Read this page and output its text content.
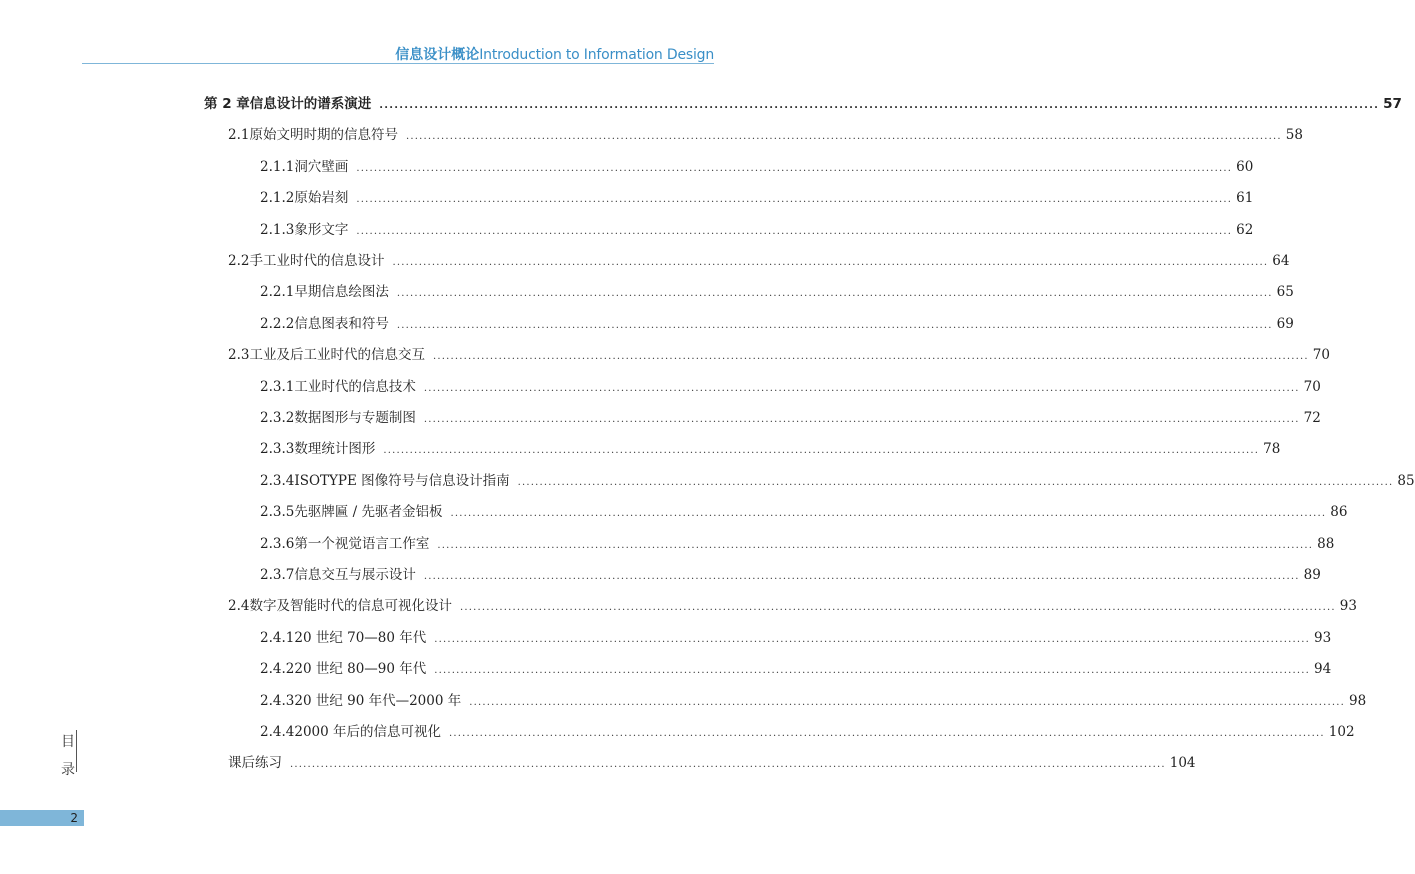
信息设计概论Introduction to Information Design
第 2 章 信息设计的谱系演进 ........................................................................................................................................................................................................ 57
2.1 原始文明时期的信息符号 ........................................................................................................................................................................................................ 58
2.1.1 洞穴壁画 ........................................................................................................................................................................................................ 60
2.1.2 原始岩刻 ........................................................................................................................................................................................................ 61
2.1.3 象形文字 ........................................................................................................................................................................................................ 62
2.2 手工业时代的信息设计 ........................................................................................................................................................................................................ 64
2.2.1 早期信息绘图法 ........................................................................................................................................................................................................ 65
2.2.2 信息图表和符号 ........................................................................................................................................................................................................ 69
2.3 工业及后工业时代的信息交互 ........................................................................................................................................................................................................ 70
2.3.1 工业时代的信息技术 ........................................................................................................................................................................................................ 70
2.3.2 数据图形与专题制图 ........................................................................................................................................................................................................ 72
2.3.3 数理统计图形 ........................................................................................................................................................................................................ 78
2.3.4 ISOTYPE 图像符号与信息设计指南 ........................................................................................................................................................................................................ 85
2.3.5 先驱牌匾 / 先驱者金铝板 ........................................................................................................................................................................................................ 86
2.3.6 第一个视觉语言工作室 ........................................................................................................................................................................................................ 88
2.3.7 信息交互与展示设计 ........................................................................................................................................................................................................ 89
2.4 数字及智能时代的信息可视化设计 ........................................................................................................................................................................................................ 93
2.4.1 20 世纪 70—80 年代 ........................................................................................................................................................................................................ 93
2.4.2 20 世纪 80—90 年代 ........................................................................................................................................................................................................ 94
2.4.3 20 世纪 90 年代—2000 年 ........................................................................................................................................................................................................ 98
2.4.4 2000 年后的信息可视化 ........................................................................................................................................................................................................ 102
课后练习 ........................................................................................................................................................................................................ 104
目
录
2
